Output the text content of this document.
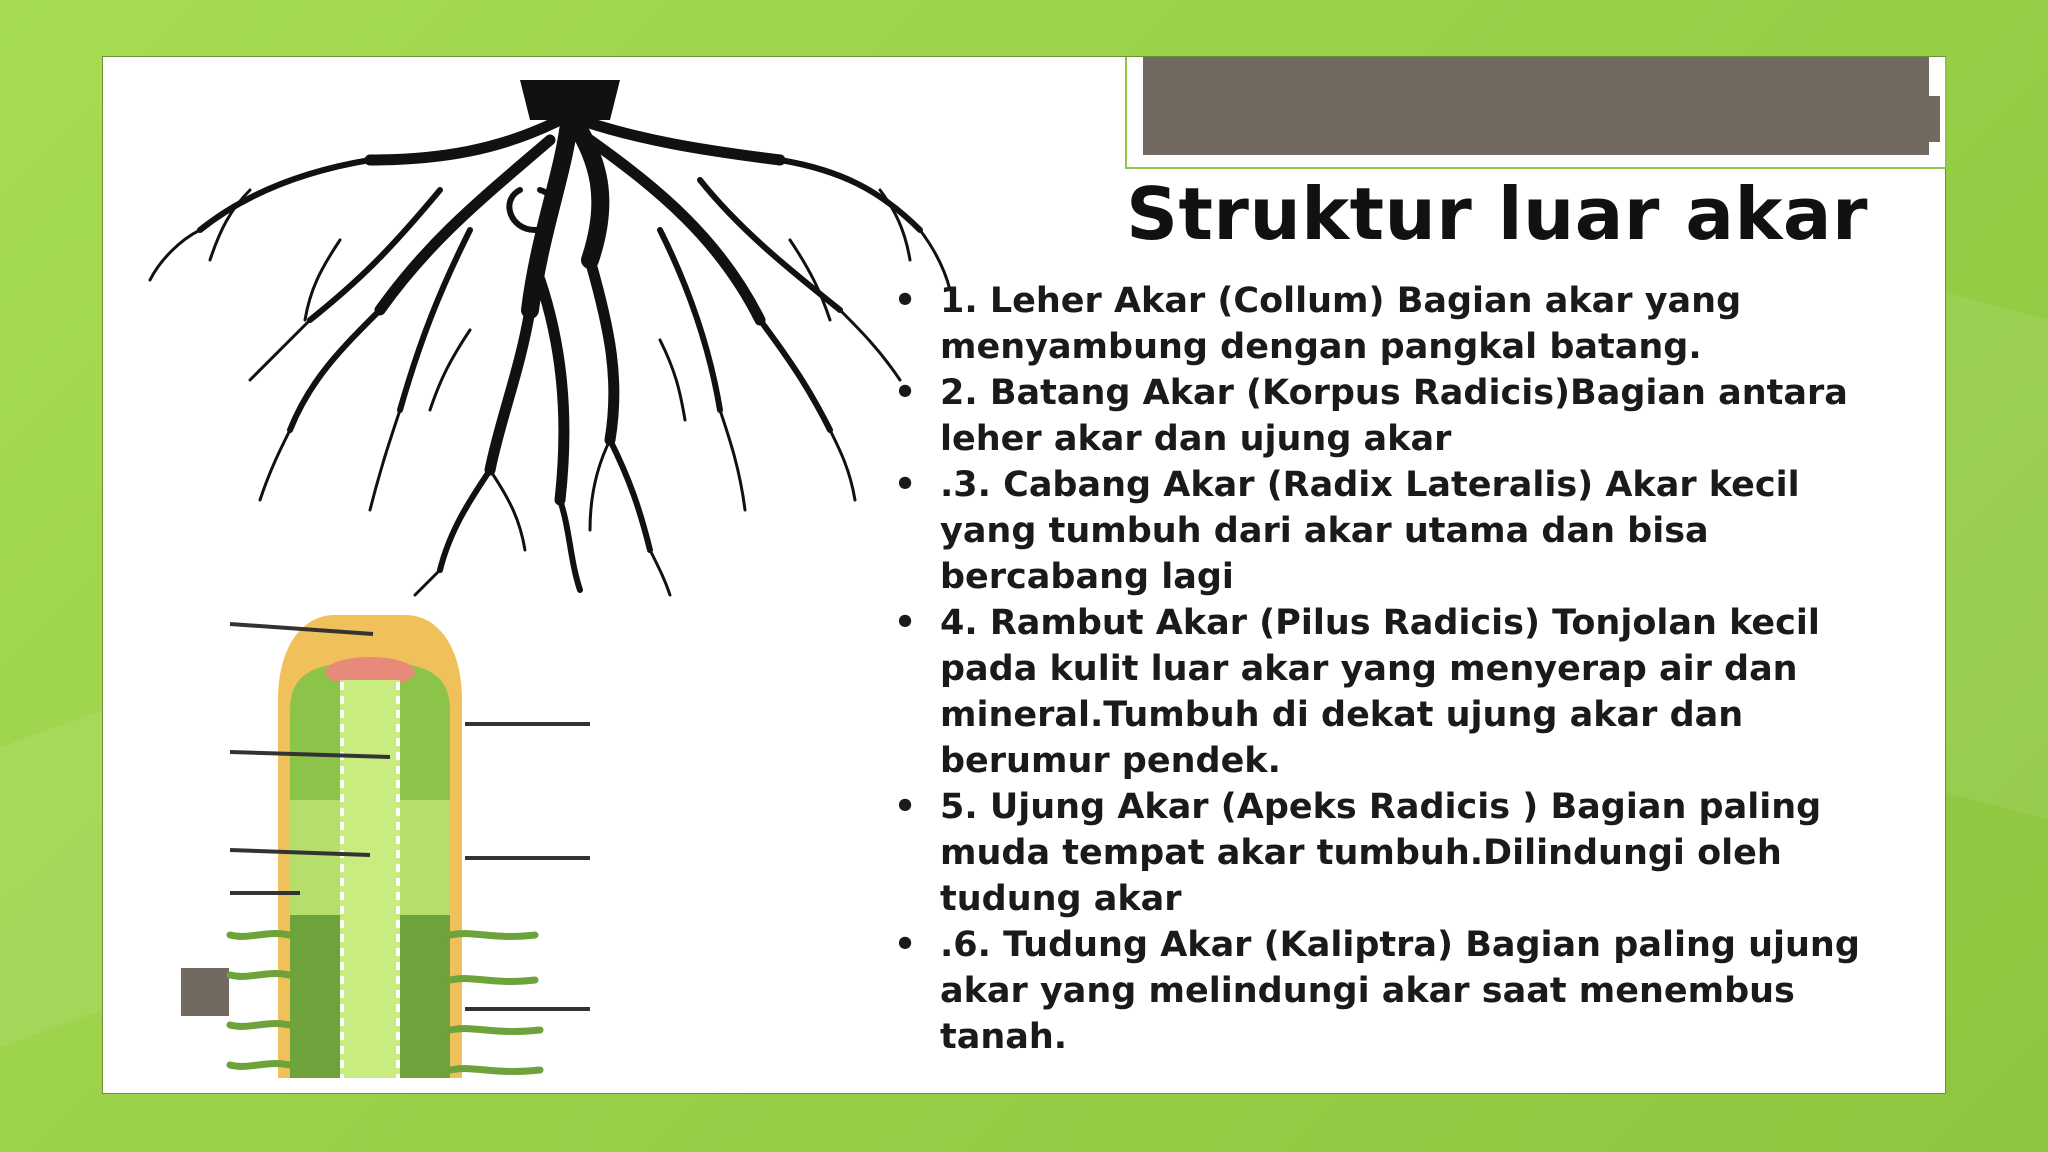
Struktur luar akar
• 1. Leher Akar (Collum) Bagian akar yang menyambung dengan pangkal batang.
• 2. Batang Akar (Korpus Radicis)Bagian antara leher akar dan ujung akar
• .3. Cabang Akar (Radix Lateralis) Akar kecil yang tumbuh dari akar utama dan bisa bercabang lagi
• 4. Rambut Akar (Pilus Radicis) Tonjolan kecil pada kulit luar akar yang menyerap air dan mineral.Tumbuh di dekat ujung akar dan berumur pendek.
• 5. Ujung Akar (Apeks Radicis ) Bagian paling muda tempat akar tumbuh.Dilindungi oleh tudung akar
• .6. Tudung Akar (Kaliptra) Bagian paling ujung akar yang melindungi akar saat menembus tanah.
